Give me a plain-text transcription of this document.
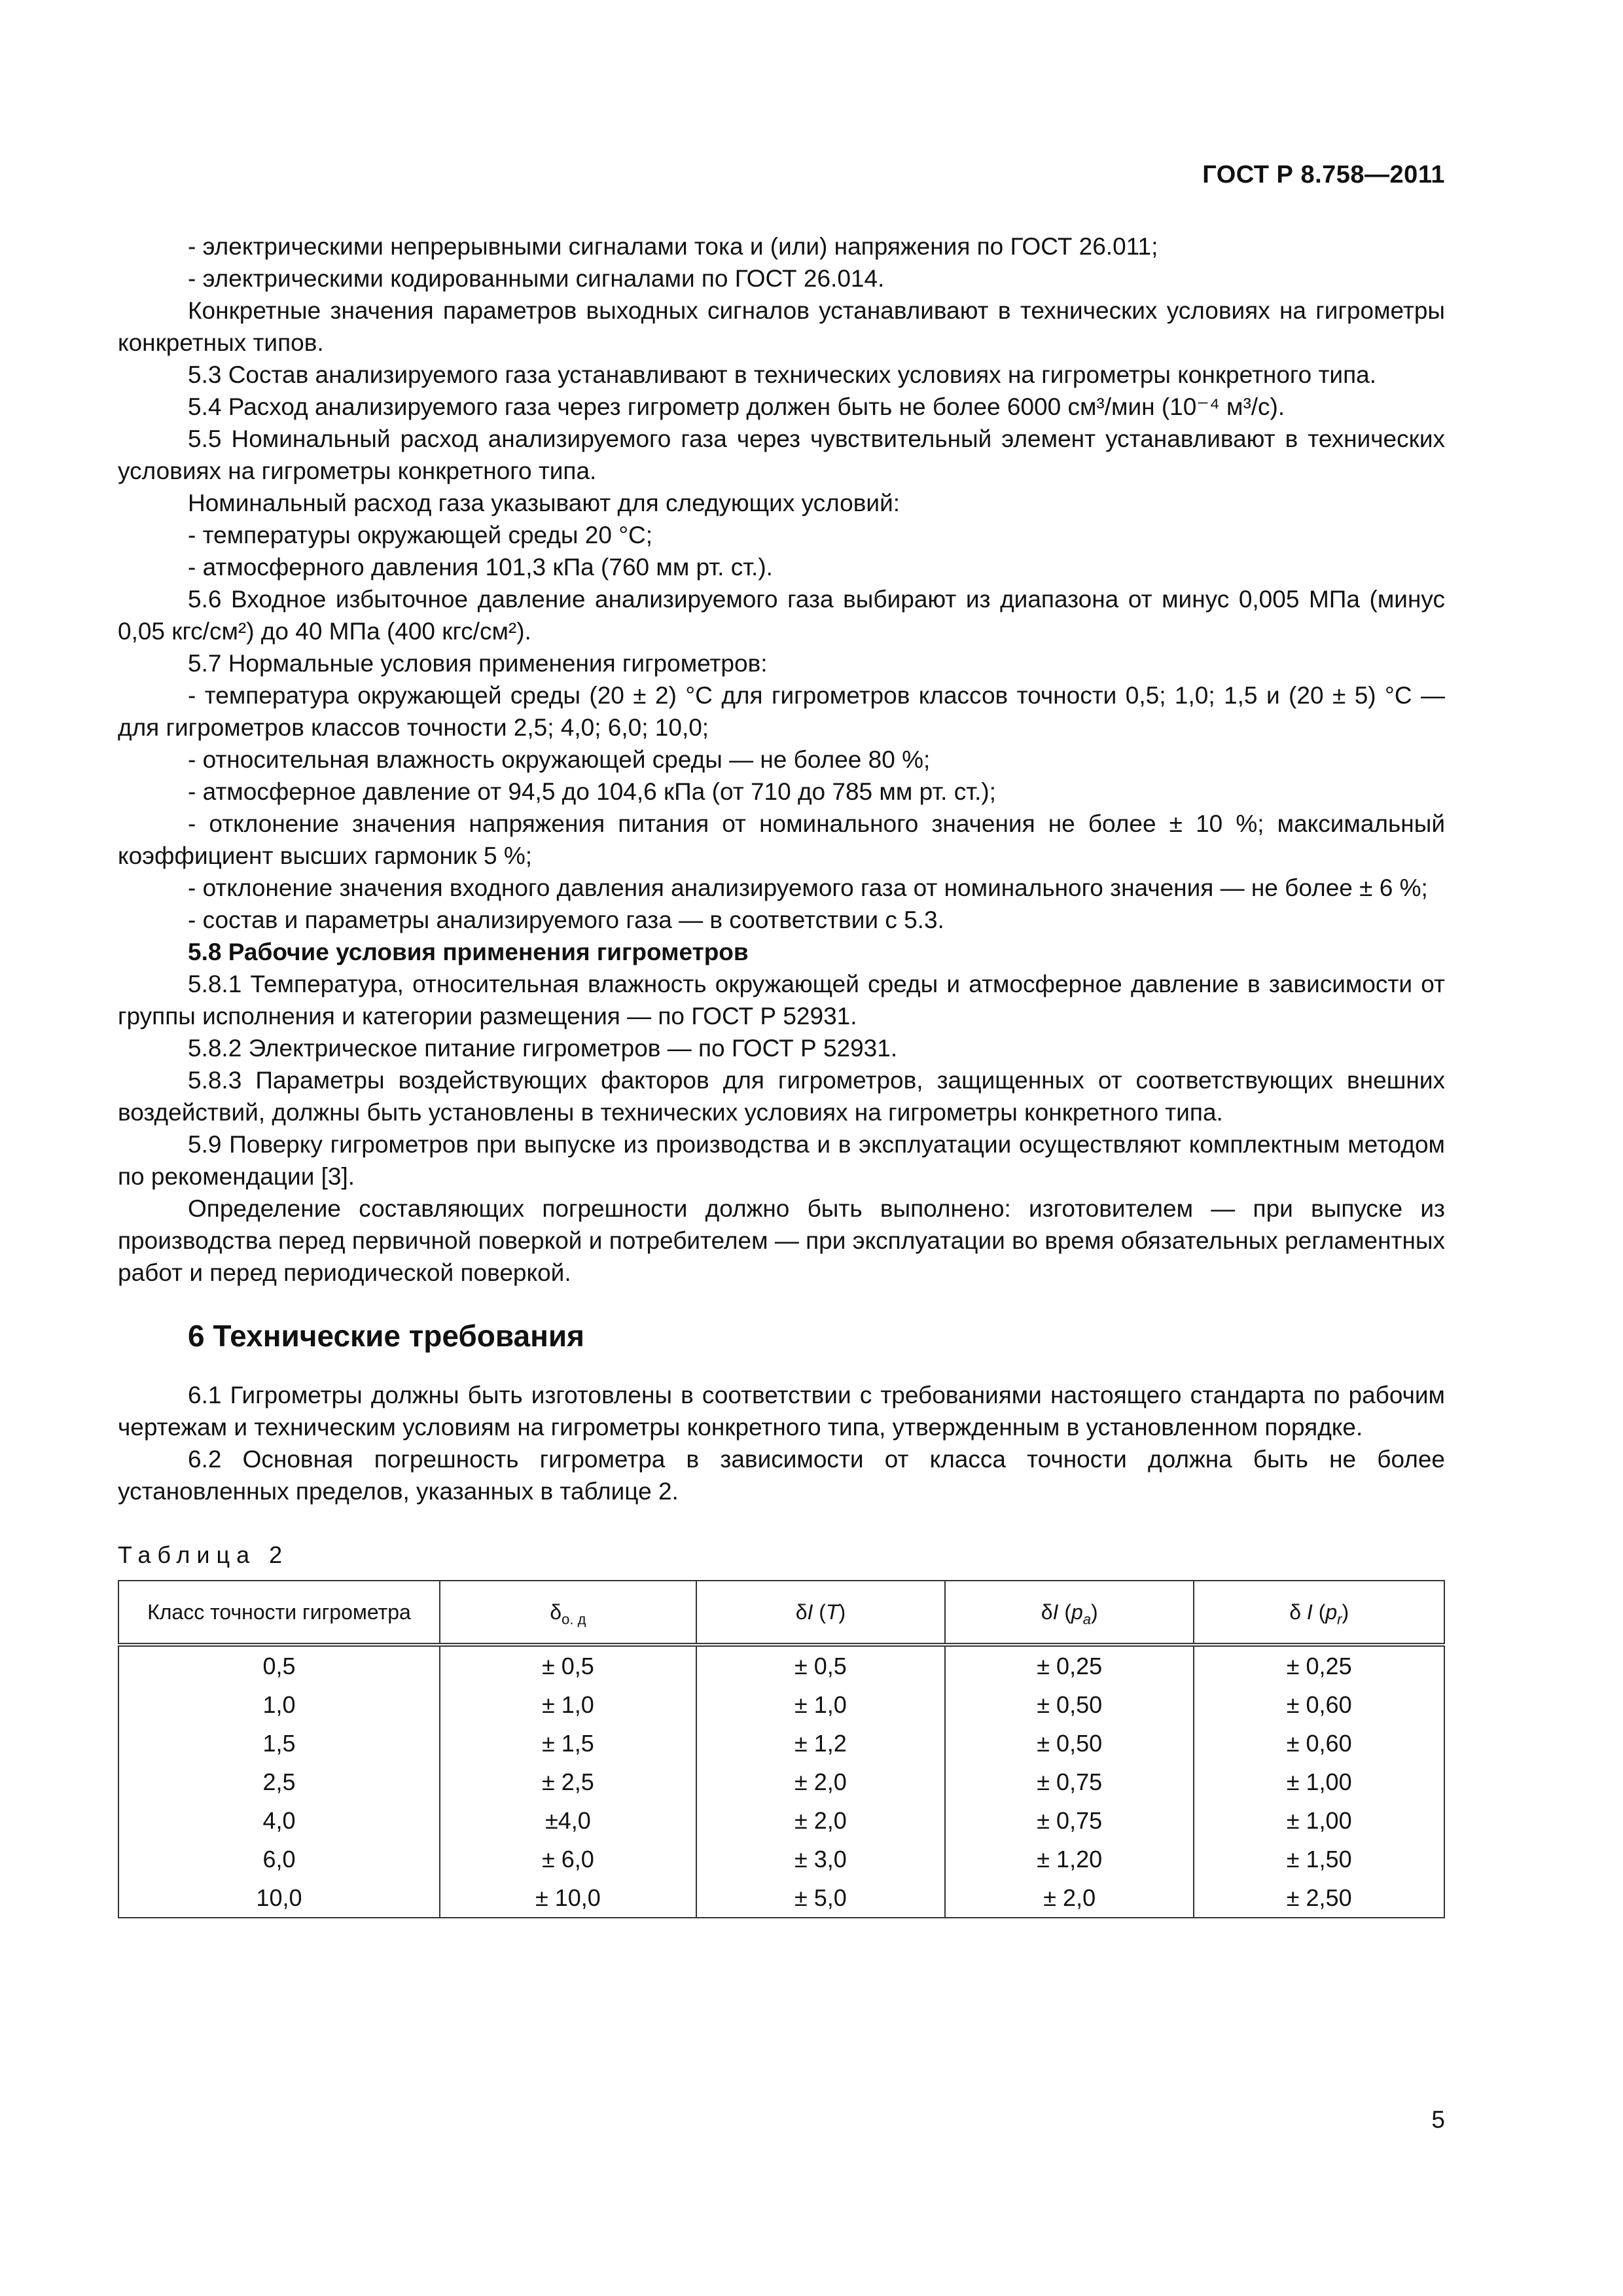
ГОСТ Р 8.758—2011

- электрическими непрерывными сигналами тока и (или) напряжения по ГОСТ 26.011;

- электрическими кодированными сигналами по ГОСТ 26.014.

Конкретные значения параметров выходных сигналов устанавливают в технических условиях на гигрометры конкретных типов.

5.3 Состав анализируемого газа устанавливают в технических условиях на гигрометры конкретного типа.

5.4 Расход анализируемого газа через гигрометр должен быть не более 6000 см³/мин (10⁻⁴ м³/с).

5.5 Номинальный расход анализируемого газа через чувствительный элемент устанавливают в технических условиях на гигрометры конкретного типа.

Номинальный расход газа указывают для следующих условий:

- температуры окружающей среды 20 °С;

- атмосферного давления 101,3 кПа (760 мм рт. ст.).

5.6 Входное избыточное давление анализируемого газа выбирают из диапазона от минус 0,005 МПа (минус 0,05 кгс/см²) до 40 МПа (400 кгс/см²).

5.7 Нормальные условия применения гигрометров:

- температура окружающей среды (20 ± 2) °С для гигрометров классов точности 0,5; 1,0; 1,5 и (20 ± 5) °С — для гигрометров классов точности 2,5; 4,0; 6,0; 10,0;

- относительная влажность окружающей среды — не более 80 %;

- атмосферное давление от 94,5 до 104,6 кПа (от 710 до 785 мм рт. ст.);

- отклонение значения напряжения питания от номинального значения не более ± 10 %; максимальный коэффициент высших гармоник 5 %;

- отклонение значения входного давления анализируемого газа от номинального значения — не более ± 6 %;

- состав и параметры анализируемого газа — в соответствии с 5.3.

5.8 Рабочие условия применения гигрометров

5.8.1 Температура, относительная влажность окружающей среды и атмосферное давление в зависимости от группы исполнения и категории размещения — по ГОСТ Р 52931.

5.8.2 Электрическое питание гигрометров — по ГОСТ Р 52931.

5.8.3 Параметры воздействующих факторов для гигрометров, защищенных от соответствующих внешних воздействий, должны быть установлены в технических условиях на гигрометры конкретного типа.

5.9 Поверку гигрометров при выпуске из производства и в эксплуатации осуществляют комплектным методом по рекомендации [3].

Определение составляющих погрешности должно быть выполнено: изготовителем — при выпуске из производства перед первичной поверкой и потребителем — при эксплуатации во время обязательных регламентных работ и перед периодической поверкой.

6 Технические требования

6.1 Гигрометры должны быть изготовлены в соответствии с требованиями настоящего стандарта по рабочим чертежам и техническим условиям на гигрометры конкретного типа, утвержденным в установленном порядке.

6.2 Основная погрешность гигрометра в зависимости от класса точности должна быть не более установленных пределов, указанных в таблице 2.

Таблица 2
Класс точности гигрометра	$\delta_{о. д}$	δI (T)	δI $(p_a)$	δ I $(p_r)$
0,5	± 0,5	± 0,5	± 0,25	± 0,25
1,0	± 1,0	± 1,0	± 0,50	± 0,60
1,5	± 1,5	± 1,2	± 0,50	± 0,60
2,5	± 2,5	± 2,0	± 0,75	± 1,00
4,0	±4,0	± 2,0	± 0,75	± 1,00
6,0	± 6,0	± 3,0	± 1,20	± 1,50
10,0	± 10,0	± 5,0	± 2,0	± 2,50
5
